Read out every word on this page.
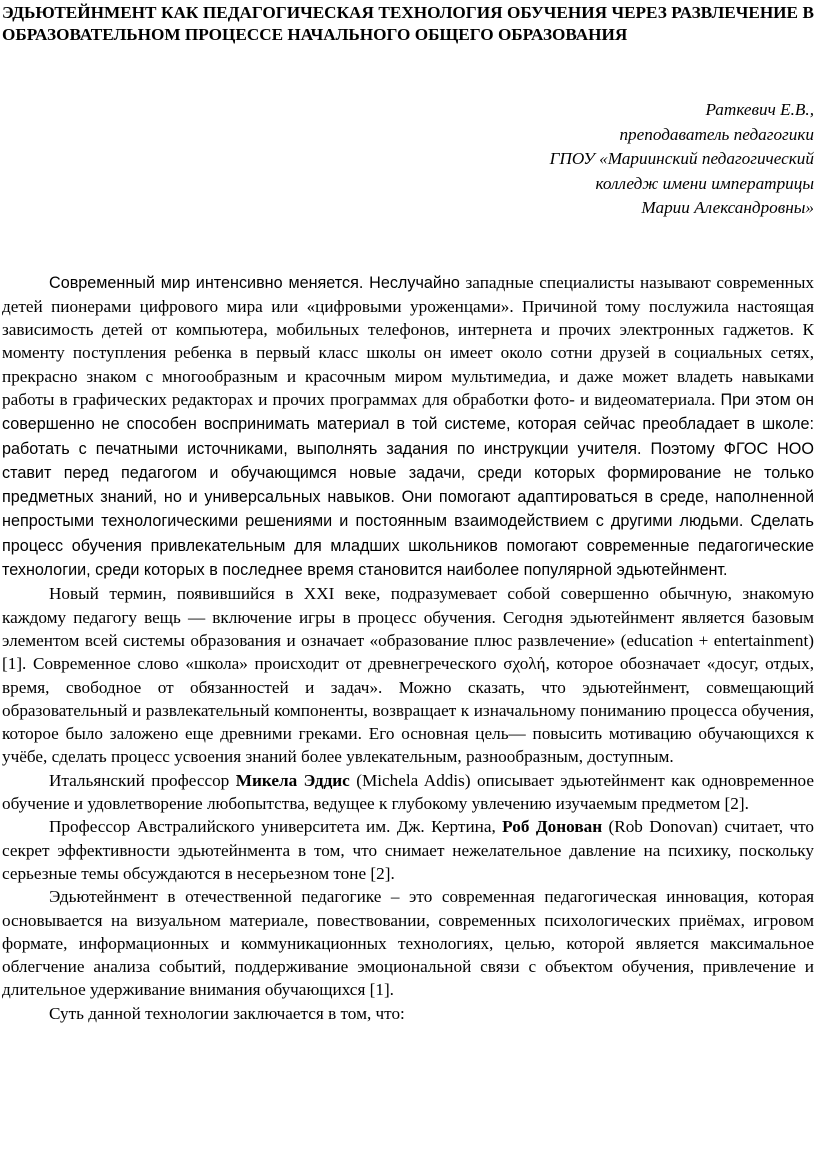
ЭДЬЮТЕЙНМЕНТ КАК ПЕДАГОГИЧЕСКАЯ ТЕХНОЛОГИЯ ОБУЧЕНИЯ ЧЕРЕЗ РАЗВЛЕЧЕНИЕ В ОБРАЗОВАТЕЛЬНОМ ПРОЦЕССЕ НАЧАЛЬНОГО ОБЩЕГО ОБРАЗОВАНИЯ

Раткевич Е.В.,
преподаватель педагогики
ГПОУ «Мариинский педагогический
колледж имени императрицы
Марии Александровны»

Современный мир интенсивно меняется. Неслучайно западные специалисты называют современных детей пионерами цифрового мира или «цифровыми уроженцами». Причиной тому послужила настоящая зависимость детей от компьютера, мобильных телефонов, интернета и прочих электронных гаджетов. К моменту поступления ребенка в первый класс школы он имеет около сотни друзей в социальных сетях, прекрасно знаком с многообразным и красочным миром мультимедиа, и даже может владеть навыками работы в графических редакторах и прочих программах для обработки фото- и видеоматериала. При этом он совершенно не способен воспринимать материал в той системе, которая сейчас преобладает в школе: работать с печатными источниками, выполнять задания по инструкции учителя. Поэтому ФГОС НОО ставит перед педагогом и обучающимся новые задачи, среди которых формирование не только предметных знаний, но и универсальных навыков. Они помогают адаптироваться в среде, наполненной непростыми технологическими решениями и постоянным взаимодействием с другими людьми. Сделать процесс обучения привлекательным для младших школьников помогают современные педагогические технологии, среди которых в последнее время становится наиболее популярной эдьютейнмент.

Новый термин, появившийся в XXI веке, подразумевает собой совершенно обычную, знакомую каждому педагогу вещь — включение игры в процесс обучения. Сегодня эдьютейнмент является базовым элементом всей системы образования и означает «образование плюс развлечение» (education + entertainment) [1]. Современное слово «школа» происходит от древнегреческого σχολή, которое обозначает «досуг, отдых, время, свободное от обязанностей и задач». Можно сказать, что эдьютейнмент, совмещающий образовательный и развлекательный компоненты, возвращает к изначальному пониманию процесса обучения, которое было заложено еще древними греками. Его основная цель— повысить мотивацию обучающихся к учёбе, сделать процесс усвоения знаний более увлекательным, разнообразным, доступным.

Итальянский профессор Микела Эддис (Michela Addis) описывает эдьютейнмент как одновременное обучение и удовлетворение любопытства, ведущее к глубокому увлечению изучаемым предметом [2].

Профессор Австралийского университета им. Дж. Кертина, Роб Донован (Rob Donovan) считает, что секрет эффективности эдьютейнмента в том, что снимает нежелательное давление на психику, поскольку серьезные темы обсуждаются в несерьезном тоне [2].

Эдьютейнмент в отечественной педагогике – это современная педагогическая инновация, которая основывается на визуальном материале, повествовании, современных психологических приёмах, игровом формате, информационных и коммуникационных технологиях, целью, которой является максимальное облегчение анализа событий, поддерживание эмоциональной связи с объектом обучения, привлечение и длительное удерживание внимания обучающихся [1].

Суть данной технологии заключается в том, что:
